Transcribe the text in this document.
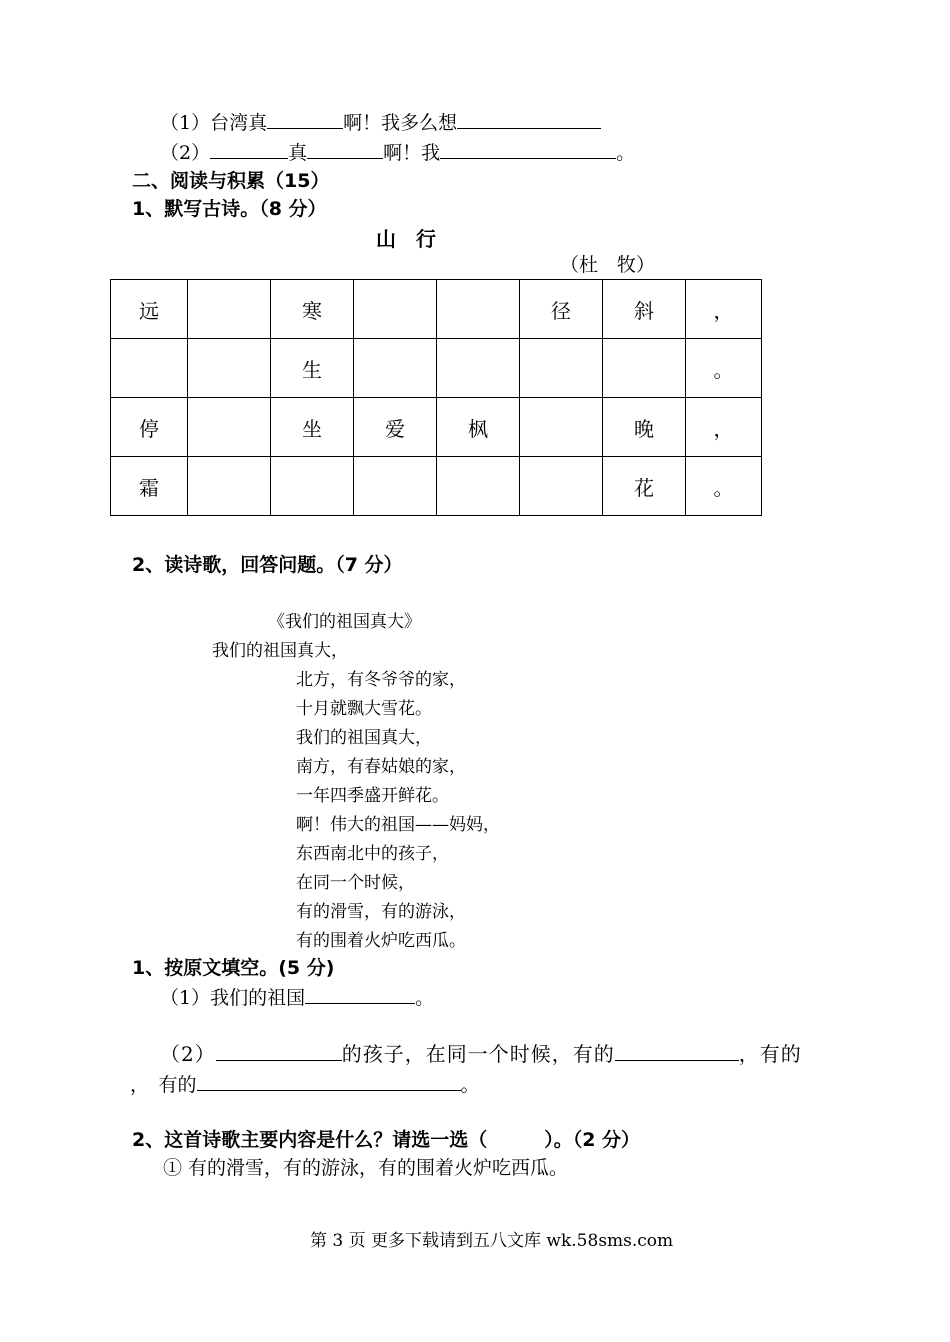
（1）台湾真	啊！我多么想
（2）	真	啊！我	。
二、阅读与积累（15）
1、默写古诗。（8 分）
山　行
（杜　牧）
远		寒			径	斜	，
		生					。
停		坐	爱	枫		晚	，
霜						花	。
2、读诗歌，回答问题。（7 分）
《我们的祖国真大》
我们的祖国真大，
北方，有冬爷爷的家，
十月就飘大雪花。
我们的祖国真大，
南方，有春姑娘的家，
一年四季盛开鲜花。
啊！伟大的祖国——妈妈，
东西南北中的孩子，
在同一个时候，
有的滑雪，有的游泳，
有的围着火炉吃西瓜。
1、按原文填空。(5 分)
（1）我们的祖国	。
（2）	的孩子，在同一个时候，有的	，有的
，　有的	。
2、这首诗歌主要内容是什么？请选一选（　　　）。（2 分）
① 有的滑雪，有的游泳，有的围着火炉吃西瓜。
第 3 页 更多下载请到五八文库 wk.58sms.com
